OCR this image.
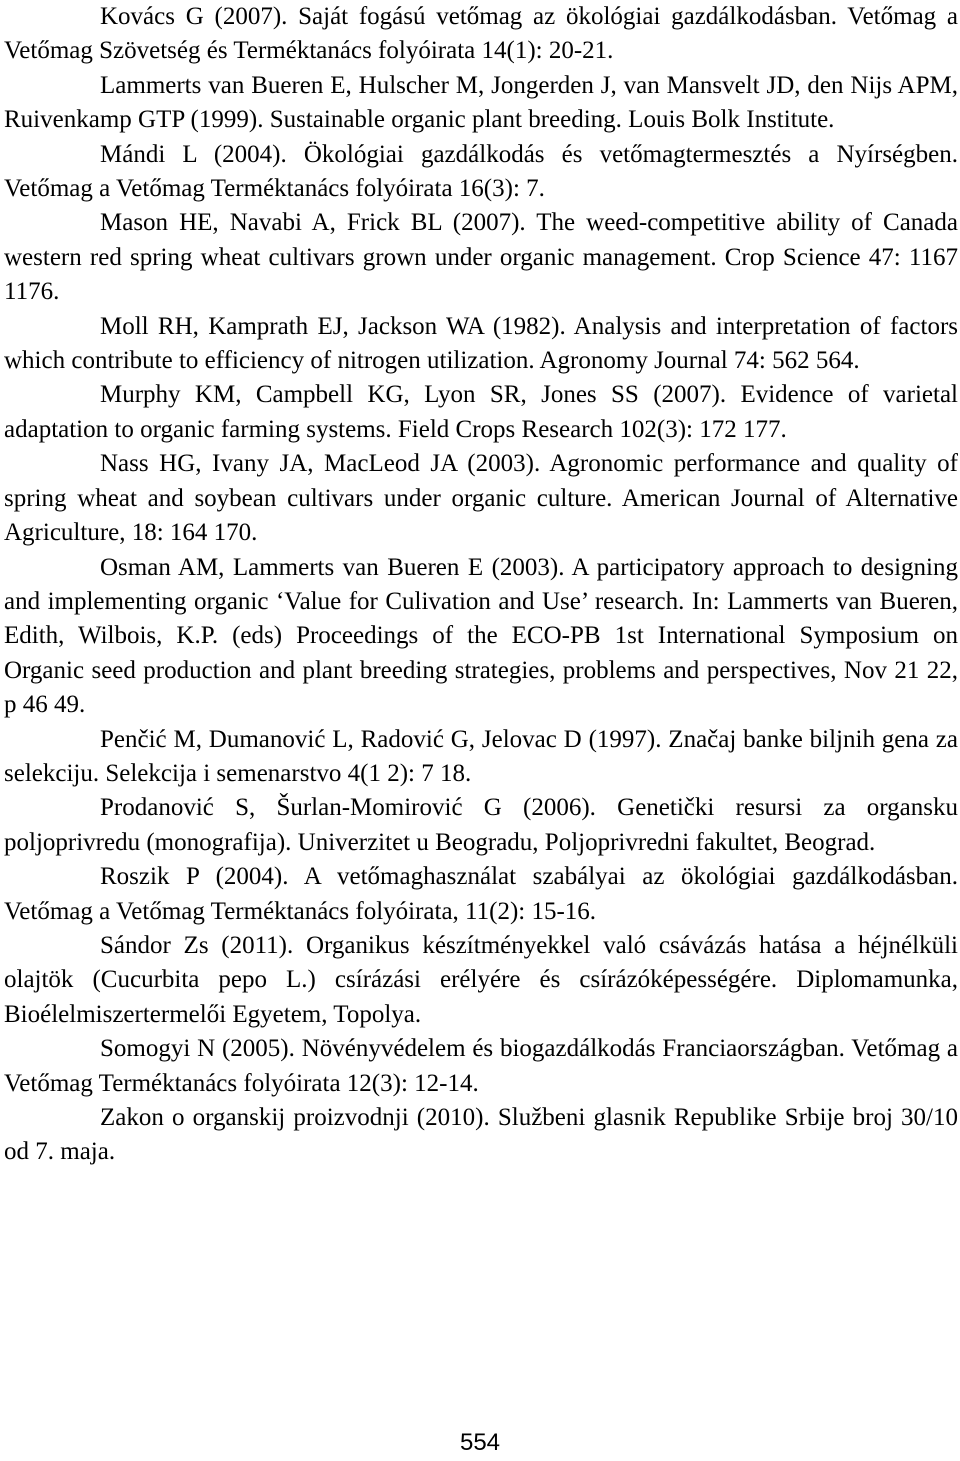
Kovács G (2007). Saját fogású vetőmag az ökológiai gazdálkodásban. Vetőmag a Vetőmag Szövetség és Terméktanács folyóirata 14(1): 20-21.

Lammerts van Bueren E, Hulscher M, Jongerden J, van Mansvelt JD, den Nijs APM, Ruivenkamp GTP (1999). Sustainable organic plant breeding. Louis Bolk Institute.

Mándi L (2004). Ökológiai gazdálkodás és vetőmagtermesztés a Nyírségben. Vetőmag a Vetőmag Terméktanács folyóirata 16(3): 7.

Mason HE, Navabi A, Frick BL (2007). The weed-competitive ability of Canada western red spring wheat cultivars grown under organic management. Crop Science 47: 1167 1176.

Moll RH, Kamprath EJ, Jackson WA (1982). Analysis and interpretation of factors which contribute to efficiency of nitrogen utilization. Agronomy Journal 74: 562 564.

Murphy KM, Campbell KG, Lyon SR, Jones SS (2007). Evidence of varietal adaptation to organic farming systems. Field Crops Research 102(3): 172 177.

Nass HG, Ivany JA, MacLeod JA (2003). Agronomic performance and quality of spring wheat and soybean cultivars under organic culture. American Journal of Alternative Agriculture, 18: 164 170.

Osman AM, Lammerts van Bueren E (2003). A participatory approach to designing and implementing organic ‘Value for Culivation and Use’ research. In: Lammerts van Bueren, Edith, Wilbois, K.P. (eds) Proceedings of the ECO-PB 1st International Symposium on Organic seed production and plant breeding strategies, problems and perspectives, Nov 21 22, p 46 49.

Penčić M, Dumanović L, Radović G, Jelovac D (1997). Značaj banke biljnih gena za selekciju. Selekcija i semenarstvo 4(1 2): 7 18.

Prodanović S, Šurlan-Momirović G (2006). Genetički resursi za organsku poljoprivredu (monografija). Univerzitet u Beogradu, Poljoprivredni fakultet, Beograd.

Roszik P (2004). A vetőmaghasználat szabályai az ökológiai gazdálkodásban. Vetőmag a Vetőmag Terméktanács folyóirata, 11(2): 15-16.

Sándor Zs (2011). Organikus készítményekkel való csávázás hatása a héjnélküli olajtök (Cucurbita pepo L.) csírázási erélyére és csírázóképességére. Diplomamunka, Bioélelmiszertermelői Egyetem, Topolya.

Somogyi N (2005). Növényvédelem és biogazdálkodás Franciaországban. Vetőmag a Vetőmag Terméktanács folyóirata 12(3): 12-14.

Zakon o organskij proizvodnji (2010). Službeni glasnik Republike Srbije broj 30/10 od 7. maja.

554
